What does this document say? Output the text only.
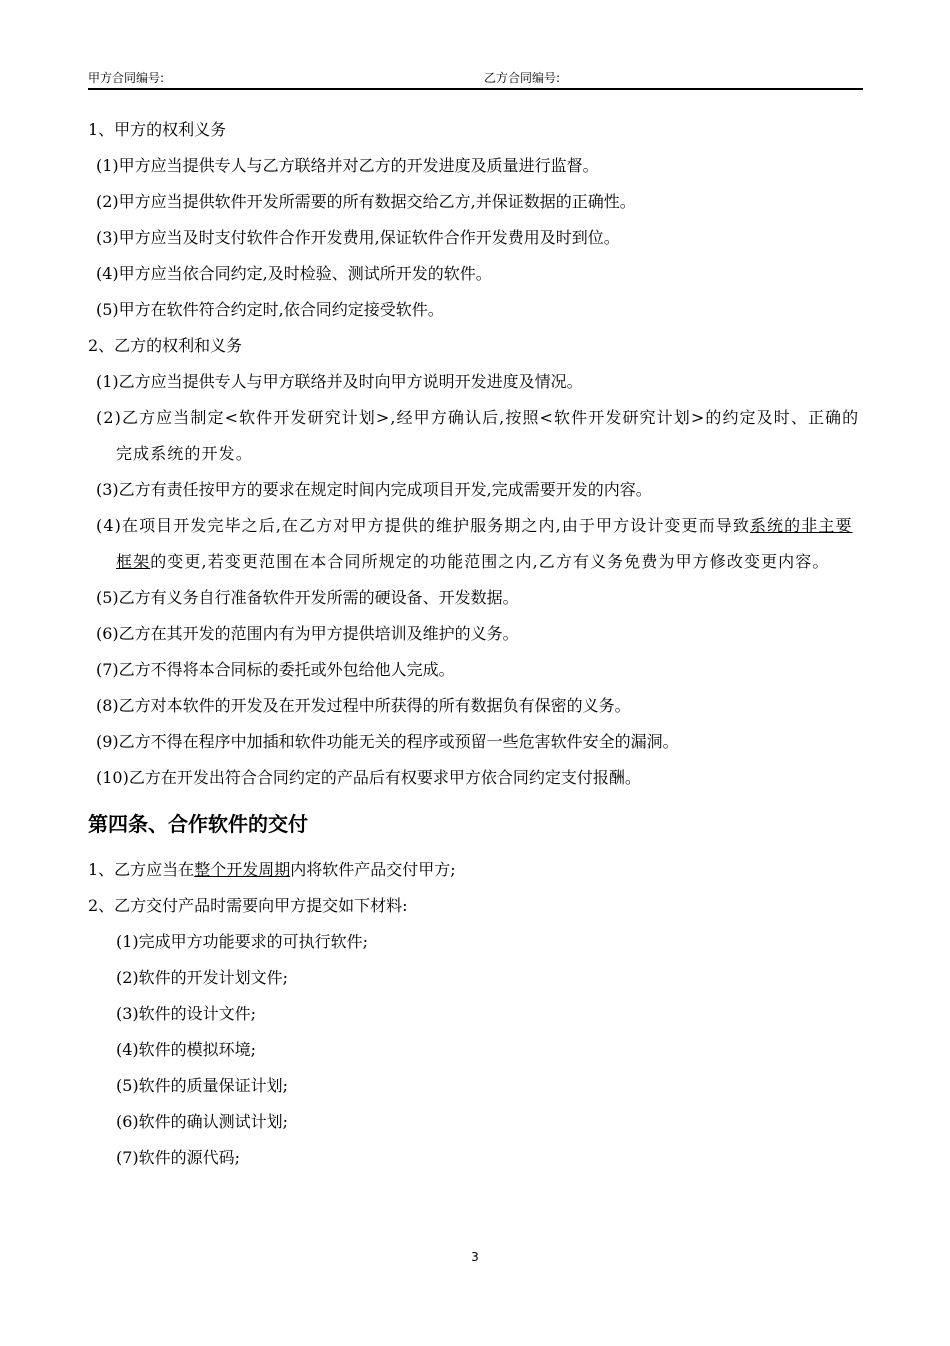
甲方合同编号:	乙方合同编号:
1、甲方的权利义务
(1)甲方应当提供专人与乙方联络并对乙方的开发进度及质量进行监督。
(2)甲方应当提供软件开发所需要的所有数据交给乙方,并保证数据的正确性。
(3)甲方应当及时支付软件合作开发费用,保证软件合作开发费用及时到位。
(4)甲方应当依合同约定,及时检验、测试所开发的软件。
(5)甲方在软件符合约定时,依合同约定接受软件。
2、乙方的权利和义务
(1)乙方应当提供专人与甲方联络并及时向甲方说明开发进度及情况。
(2)乙方应当制定<软件开发研究计划>,经甲方确认后,按照<软件开发研究计划>的约定及时、正确的完成系统的开发。
(3)乙方有责任按甲方的要求在规定时间内完成项目开发,完成需要开发的内容。
(4)在项目开发完毕之后,在乙方对甲方提供的维护服务期之内,由于甲方设计变更而导致系统的非主要框架的变更,若变更范围在本合同所规定的功能范围之内,乙方有义务免费为甲方修改变更内容。
(5)乙方有义务自行准备软件开发所需的硬设备、开发数据。
(6)乙方在其开发的范围内有为甲方提供培训及维护的义务。
(7)乙方不得将本合同标的委托或外包给他人完成。
(8)乙方对本软件的开发及在开发过程中所获得的所有数据负有保密的义务。
(9)乙方不得在程序中加插和软件功能无关的程序或预留一些危害软件安全的漏洞。
(10)乙方在开发出符合合同约定的产品后有权要求甲方依合同约定支付报酬。
第四条、合作软件的交付
1、乙方应当在整个开发周期内将软件产品交付甲方;
2、乙方交付产品时需要向甲方提交如下材料:
(1)完成甲方功能要求的可执行软件;
(2)软件的开发计划文件;
(3)软件的设计文件;
(4)软件的模拟环境;
(5)软件的质量保证计划;
(6)软件的确认测试计划;
(7)软件的源代码;
3
